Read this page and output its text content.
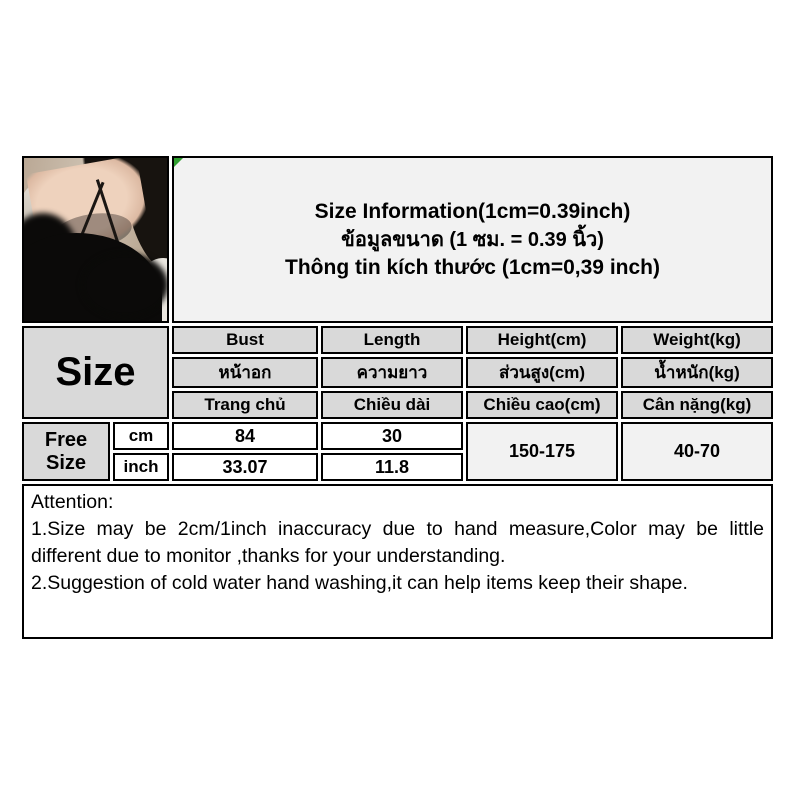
		Size Information(1cm=0.39inch)
ข้อมูลขนาด (1 ซม. = 0.39 นิ้ว)
Thông tin kích thước (1cm=0,39 inch)			

Size		Bust	Length	Height(cm)	Weight(kg)
		หน้าอก	ความยาว	ส่วนสูง(cm)	น้ำหนัก(kg)
		Trang chủ	Chiều dài	Chiều cao(cm)	Cân nặng(kg)
Free Size	cm	84	30	150-175	40-70
	inch	33.07	11.8		

Attention:
1.Size may be 2cm/1inch inaccuracy due to hand measure,Color may be little different due to monitor ,thanks for your understanding.
2.Suggestion of cold water hand washing,it can help items keep their shape.					
